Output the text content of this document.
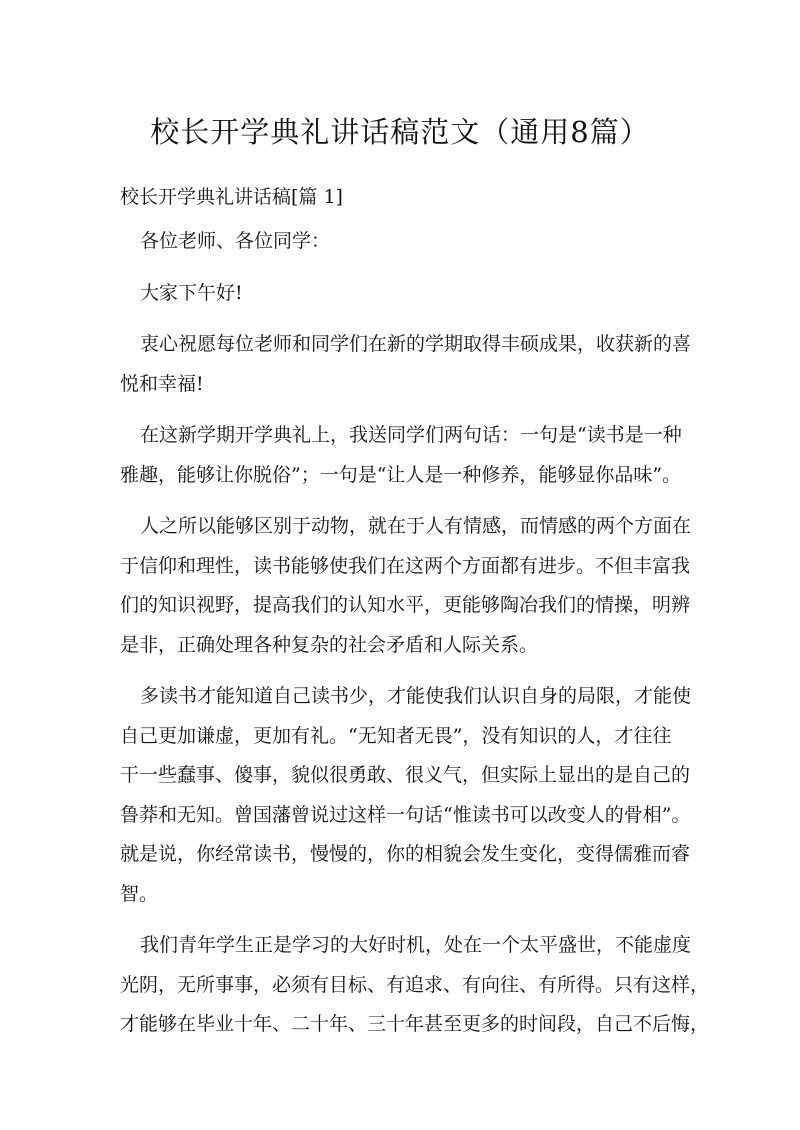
校长开学典礼讲话稿范文（通用8篇）

校长开学典礼讲话稿[篇 1]

各位老师、各位同学：

大家下午好!

衷心祝愿每位老师和同学们在新的学期取得丰硕成果，收获新的喜
悦和幸福!

在这新学期开学典礼上，我送同学们两句话：一句是“读书是一种
雅趣，能够让你脱俗”；一句是“让人是一种修养，能够显你品味”。

人之所以能够区别于动物，就在于人有情感，而情感的两个方面在
于信仰和理性，读书能够使我们在这两个方面都有进步。不但丰富我
们的知识视野，提高我们的认知水平，更能够陶冶我们的情操，明辨
是非，正确处理各种复杂的社会矛盾和人际关系。

多读书才能知道自己读书少，才能使我们认识自身的局限，才能使
自己更加谦虚，更加有礼。“无知者无畏”，没有知识的人，才往往
干一些蠢事、傻事，貌似很勇敢、很义气，但实际上显出的是自己的
鲁莽和无知。曾国藩曾说过这样一句话“惟读书可以改变人的骨相”。
就是说，你经常读书，慢慢的，你的相貌会发生变化，变得儒雅而睿
智。

我们青年学生正是学习的大好时机，处在一个太平盛世，不能虚度
光阴，无所事事，必须有目标、有追求、有向往、有所得。只有这样，
才能够在毕业十年、二十年、三十年甚至更多的时间段，自己不后悔，
